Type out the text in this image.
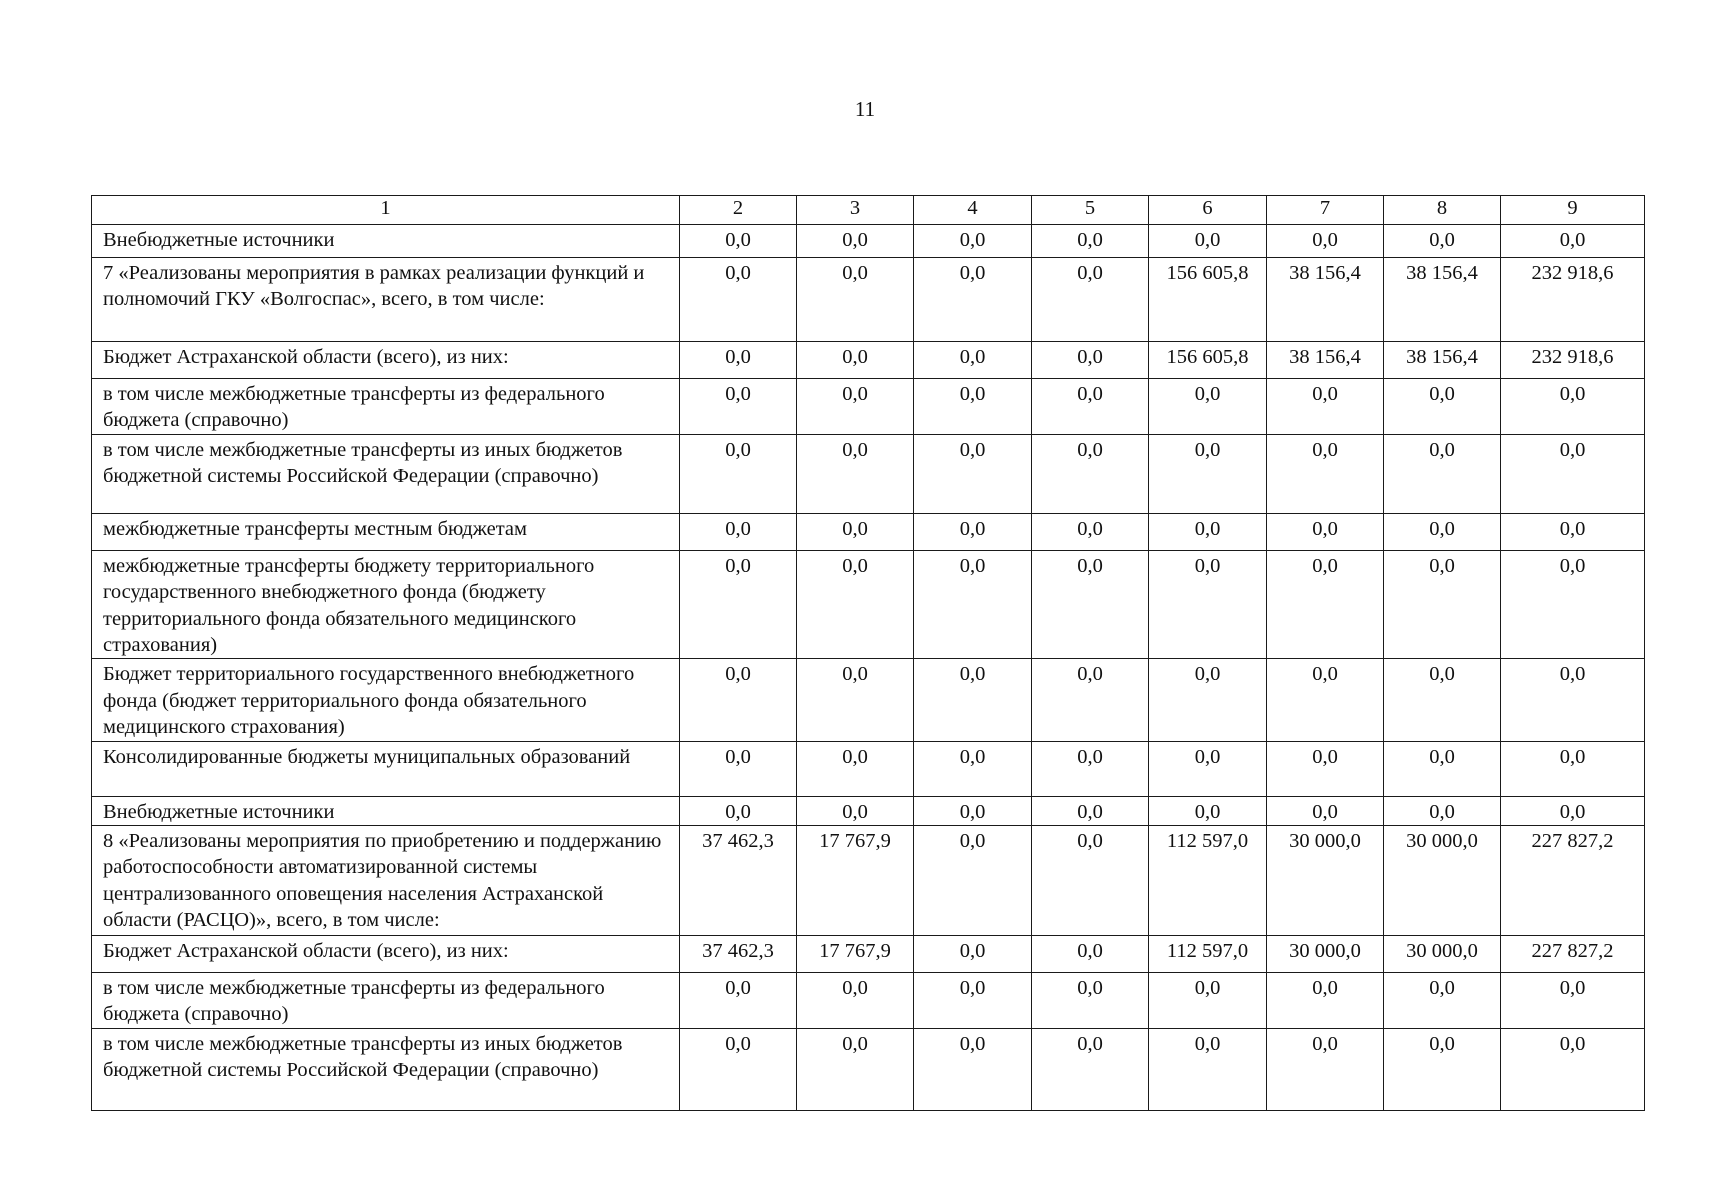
11
1	2	3	4	5	6	7	8	9
Внебюджетные источники	0,0	0,0	0,0	0,0	0,0	0,0	0,0	0,0
7 «Реализованы мероприятия в рамках реализации функций и полномочий ГКУ «Волгоспас», всего, в том числе:	0,0	0,0	0,0	0,0	156 605,8	38 156,4	38 156,4	232 918,6
Бюджет Астраханской области (всего), из них:	0,0	0,0	0,0	0,0	156 605,8	38 156,4	38 156,4	232 918,6
в том числе межбюджетные трансферты из федерального бюджета (справочно)	0,0	0,0	0,0	0,0	0,0	0,0	0,0	0,0
в том числе межбюджетные трансферты из иных бюджетов бюджетной системы Российской Федерации (справочно)	0,0	0,0	0,0	0,0	0,0	0,0	0,0	0,0
межбюджетные трансферты местным бюджетам	0,0	0,0	0,0	0,0	0,0	0,0	0,0	0,0
межбюджетные трансферты бюджету территориального государственного внебюджетного фонда (бюджету территориального фонда обязательного медицинского страхования)	0,0	0,0	0,0	0,0	0,0	0,0	0,0	0,0
Бюджет территориального государственного внебюджетного фонда (бюджет территориального фонда обязательного медицинского страхования)	0,0	0,0	0,0	0,0	0,0	0,0	0,0	0,0
Консолидированные бюджеты муниципальных образований	0,0	0,0	0,0	0,0	0,0	0,0	0,0	0,0
Внебюджетные источники	0,0	0,0	0,0	0,0	0,0	0,0	0,0	0,0
8 «Реализованы мероприятия по приобретению и поддержанию работоспособности автоматизированной системы централизованного оповещения населения Астраханской области (РАСЦО)», всего, в том числе:	37 462,3	17 767,9	0,0	0,0	112 597,0	30 000,0	30 000,0	227 827,2
Бюджет Астраханской области (всего), из них:	37 462,3	17 767,9	0,0	0,0	112 597,0	30 000,0	30 000,0	227 827,2
в том числе межбюджетные трансферты из федерального бюджета (справочно)	0,0	0,0	0,0	0,0	0,0	0,0	0,0	0,0
в том числе межбюджетные трансферты из иных бюджетов бюджетной системы Российской Федерации (справочно)	0,0	0,0	0,0	0,0	0,0	0,0	0,0	0,0
